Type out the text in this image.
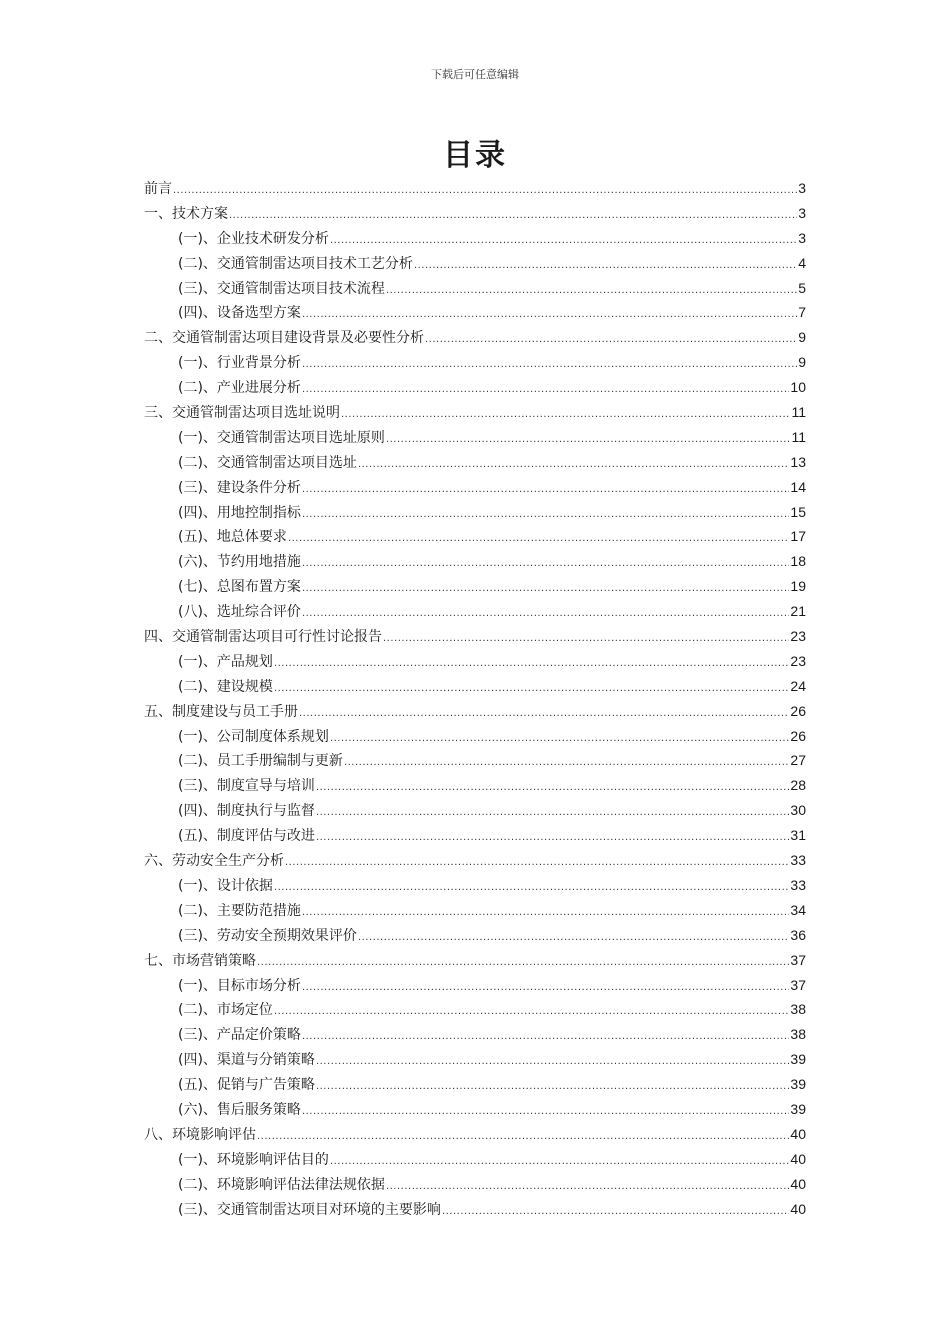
下载后可任意编辑
目录
前言 .....	3
一、技术方案 .....	3
(一)、企业技术研发分析 .....	3
(二)、交通管制雷达项目技术工艺分析 .....	4
(三)、交通管制雷达项目技术流程 .....	5
(四)、设备选型方案 .....	7
二、交通管制雷达项目建设背景及必要性分析 .....	9
(一)、行业背景分析 .....	9
(二)、产业进展分析 .....	10
三、交通管制雷达项目选址说明 .....	11
(一)、交通管制雷达项目选址原则 .....	11
(二)、交通管制雷达项目选址 .....	13
(三)、建设条件分析 .....	14
(四)、用地控制指标 .....	15
(五)、地总体要求 .....	17
(六)、节约用地措施 .....	18
(七)、总图布置方案 .....	19
(八)、选址综合评价 .....	21
四、交通管制雷达项目可行性讨论报告 .....	23
(一)、产品规划 .....	23
(二)、建设规模 .....	24
五、制度建设与员工手册 .....	26
(一)、公司制度体系规划 .....	26
(二)、员工手册编制与更新 .....	27
(三)、制度宣导与培训 .....	28
(四)、制度执行与监督 .....	30
(五)、制度评估与改进 .....	31
六、劳动安全生产分析 .....	33
(一)、设计依据 .....	33
(二)、主要防范措施 .....	34
(三)、劳动安全预期效果评价 .....	36
七、市场营销策略 .....	37
(一)、目标市场分析 .....	37
(二)、市场定位 .....	38
(三)、产品定价策略 .....	38
(四)、渠道与分销策略 .....	39
(五)、促销与广告策略 .....	39
(六)、售后服务策略 .....	39
八、环境影响评估 .....	40
(一)、环境影响评估目的 .....	40
(二)、环境影响评估法律法规依据 .....	40
(三)、交通管制雷达项目对环境的主要影响 .....	40
